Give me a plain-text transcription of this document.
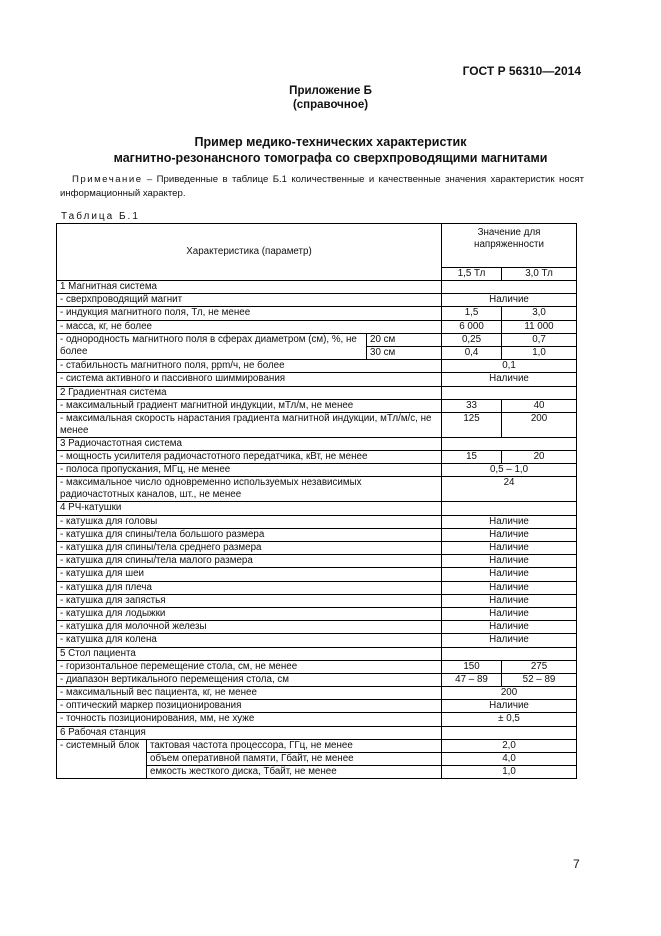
ГОСТ Р 56310—2014
Приложение Б
(справочное)
Пример медико-технических характеристик
магнитно-резонансного томографа со сверхпроводящими магнитами
Примечание – Приведенные в таблице Б.1 количественные и качественные значения характеристик носят информационный характер.
Таблица Б.1
Характеристика (параметр)			Значение для напряженности	
			1,5 Тл	3,0 Тл
1 Магнитная система				
- сверхпроводящий магнит			Наличие	
- индукция магнитного поля, Тл, не менее			1,5	3,0
- масса, кг, не более			6 000	11 000
- однородность магнитного поля в сферах диаметром (см), %, не более		20 см	0,25	0,7
		30 см	0,4	1,0
- стабильность магнитного поля, ppm/ч, не более			0,1	
- система активного и пассивного шиммирования			Наличие	
2 Градиентная система				
- максимальный градиент магнитной индукции, мТл/м, не менее			33	40
- максимальная скорость нарастания градиента магнитной индукции, мТл/м/с, не менее			125	200
3 Радиочастотная система				
- мощность усилителя радиочастотного передатчика, кВт, не менее			15	20
- полоса пропускания, МГц, не менее			0,5 – 1,0	
- максимальное число одновременно используемых независимых радиочастотных каналов, шт., не менее			24	
4 РЧ-катушки				
- катушка для головы			Наличие	
- катушка для спины/тела большого размера			Наличие	
- катушка для спины/тела среднего размера			Наличие	
- катушка для спины/тела малого размера			Наличие	
- катушка для шеи			Наличие	
- катушка для плеча			Наличие	
- катушка для запястья			Наличие	
- катушка для лодыжки			Наличие	
- катушка для молочной железы			Наличие	
- катушка для колена			Наличие	
5 Стол пациента				
- горизонтальное перемещение стола, см, не менее			150	275
- диапазон вертикального перемещения стола, см			47 – 89	52 – 89
- максимальный вес пациента, кг, не менее			200	
- оптический маркер позиционирования			Наличие	
- точность позиционирования, мм, не хуже			± 0,5	
6 Рабочая станция				
- системный блок	тактовая частота процессора, ГГц, не менее		2,0	
	объем оперативной памяти, Гбайт, не менее		4,0	
	емкость жесткого диска, Тбайт, не менее		1,0	
7
